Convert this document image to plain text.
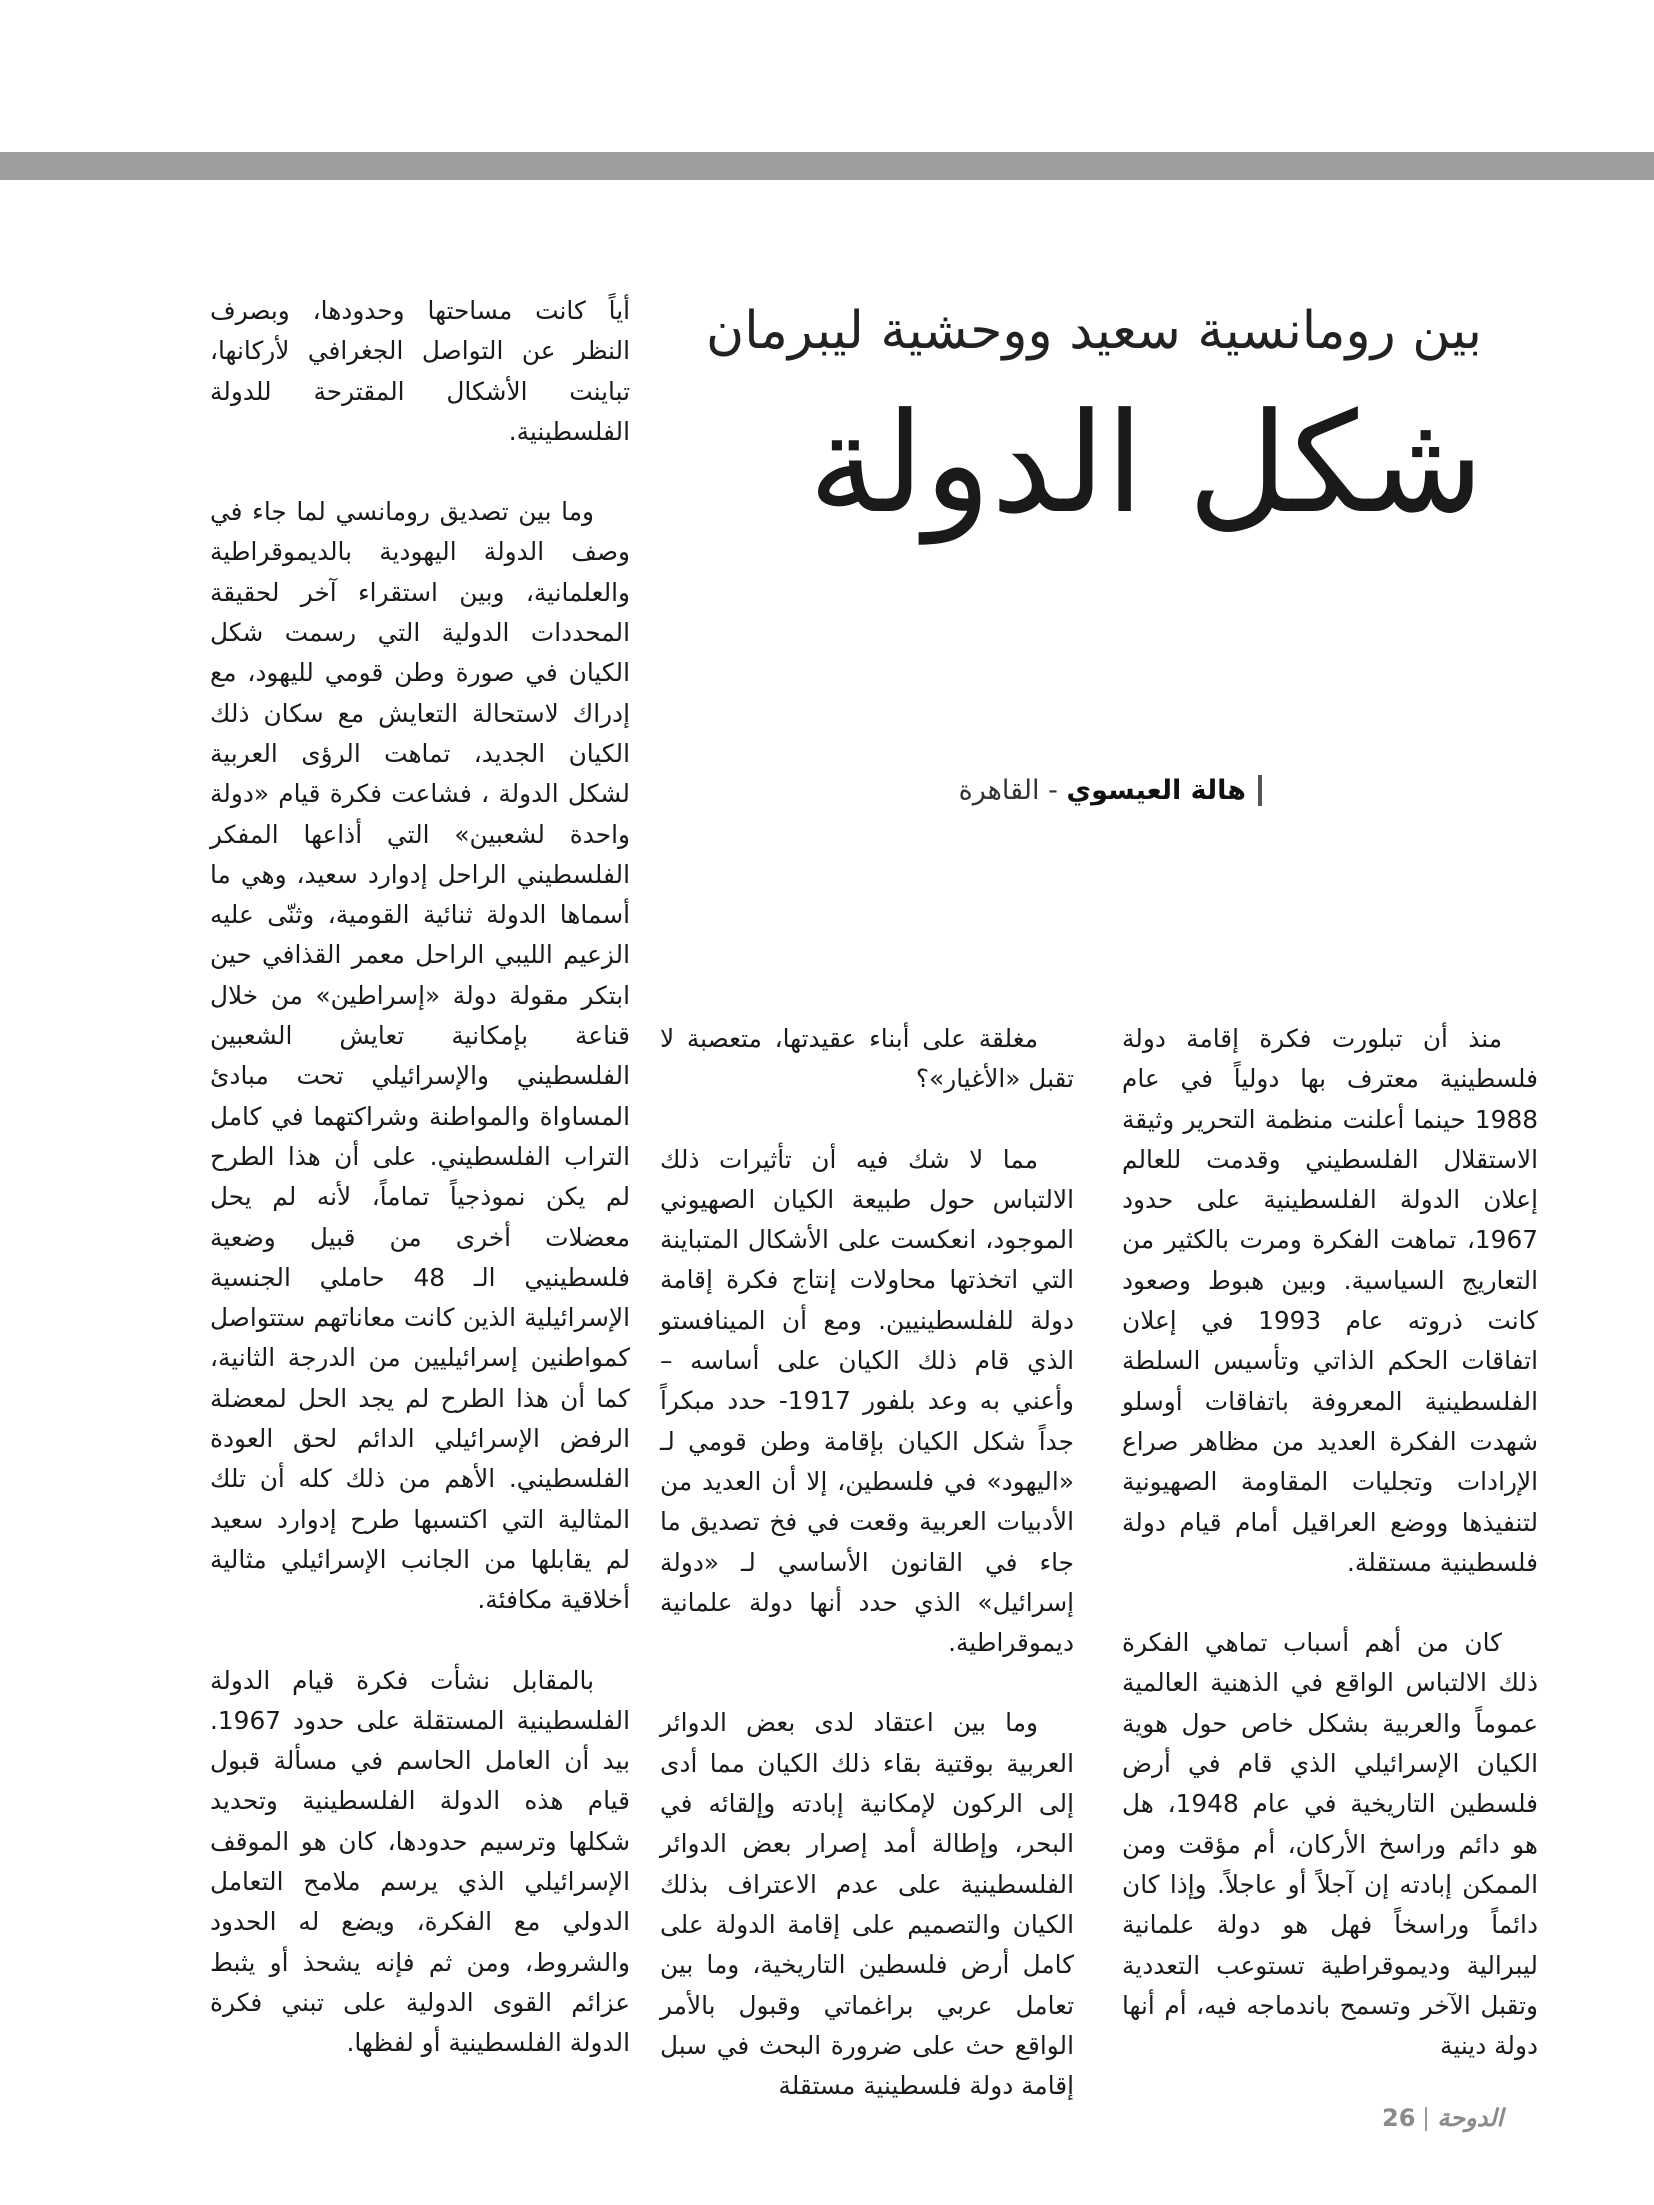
بين رومانسية سعيد ووحشية ليبرمان
شكل الدولة
هالة العيسوي - القاهرة

منذ أن تبلورت فكرة إقامة دولة فلسطينية معترف بها دولياً في عام 1988 حينما أعلنت منظمة التحرير وثيقة الاستقلال الفلسطيني وقدمت للعالم إعلان الدولة الفلسطينية على حدود 1967، تماهت الفكرة ومرت بالكثير من التعاريج السياسية. وبين هبوط وصعود كانت ذروته عام 1993 في إعلان اتفاقات الحكم الذاتي وتأسيس السلطة الفلسطينية المعروفة باتفاقات أوسلو شهدت الفكرة العديد من مظاهر صراع الإرادات وتجليات المقاومة الصهيونية لتنفيذها ووضع العراقيل أمام قيام دولة فلسطينية مستقلة.

كان من أهم أسباب تماهي الفكرة ذلك الالتباس الواقع في الذهنية العالمية عموماً والعربية بشكل خاص حول هوية الكيان الإسرائيلي الذي قام في أرض فلسطين التاريخية في عام 1948، هل هو دائم وراسخ الأركان، أم مؤقت ومن الممكن إبادته إن آجلاً أو عاجلاً. وإذا كان دائماً وراسخاً فهل هو دولة علمانية ليبرالية وديموقراطية تستوعب التعددية وتقبل الآخر وتسمح باندماجه فيه، أم أنها دولة دينية

مغلقة على أبناء عقيدتها، متعصبة لا تقبل «الأغيار»؟

مما لا شك فيه أن تأثيرات ذلك الالتباس حول طبيعة الكيان الصهيوني الموجود، انعكست على الأشكال المتباينة التي اتخذتها محاولات إنتاج فكرة إقامة دولة للفلسطينيين. ومع أن المينافستو الذي قام ذلك الكيان على أساسه – وأعني به وعد بلفور 1917- حدد مبكراً جداً شكل الكيان بإقامة وطن قومي لـ «اليهود» في فلسطين، إلا أن العديد من الأدبيات العربية وقعت في فخ تصديق ما جاء في القانون الأساسي لـ «دولة إسرائيل» الذي حدد أنها دولة علمانية ديموقراطية.

وما بين اعتقاد لدى بعض الدوائر العربية بوقتية بقاء ذلك الكيان مما أدى إلى الركون لإمكانية إبادته وإلقائه في البحر، وإطالة أمد إصرار بعض الدوائر الفلسطينية على عدم الاعتراف بذلك الكيان والتصميم على إقامة الدولة على كامل أرض فلسطين التاريخية، وما بين تعامل عربي براغماتي وقبول بالأمر الواقع حث على ضرورة البحث في سبل إقامة دولة فلسطينية مستقلة

أياً كانت مساحتها وحدودها، وبصرف النظر عن التواصل الجغرافي لأركانها، تباينت الأشكال المقترحة للدولة الفلسطينية.

وما بين تصديق رومانسي لما جاء في وصف الدولة اليهودية بالديموقراطية والعلمانية، وبين استقراء آخر لحقيقة المحددات الدولية التي رسمت شكل الكيان في صورة وطن قومي لليهود، مع إدراك لاستحالة التعايش مع سكان ذلك الكيان الجديد، تماهت الرؤى العربية لشكل الدولة ، فشاعت فكرة قيام «دولة واحدة لشعبين» التي أذاعها المفكر الفلسطيني الراحل إدوارد سعيد، وهي ما أسماها الدولة ثنائية القومية، وثنّى عليه الزعيم الليبي الراحل معمر القذافي حين ابتكر مقولة دولة «إسراطين» من خلال قناعة بإمكانية تعايش الشعبين الفلسطيني والإسرائيلي تحت مبادئ المساواة والمواطنة وشراكتهما في كامل التراب الفلسطيني. على أن هذا الطرح لم يكن نموذجياً تماماً، لأنه لم يحل معضلات أخرى من قبيل وضعية فلسطينيي الـ 48 حاملي الجنسية الإسرائيلية الذين كانت معاناتهم ستتواصل كمواطنين إسرائيليين من الدرجة الثانية، كما أن هذا الطرح لم يجد الحل لمعضلة الرفض الإسرائيلي الدائم لحق العودة الفلسطيني. الأهم من ذلك كله أن تلك المثالية التي اكتسبها طرح إدوارد سعيد لم يقابلها من الجانب الإسرائيلي مثالية أخلاقية مكافئة.

بالمقابل نشأت فكرة قيام الدولة الفلسطينية المستقلة على حدود 1967. بيد أن العامل الحاسم في مسألة قبول قيام هذه الدولة الفلسطينية وتحديد شكلها وترسيم حدودها، كان هو الموقف الإسرائيلي الذي يرسم ملامح التعامل الدولي مع الفكرة، ويضع له الحدود والشروط، ومن ثم فإنه يشحذ أو يثبط عزائم القوى الدولية على تبني فكرة الدولة الفلسطينية أو لفظها.

الدوحة26
